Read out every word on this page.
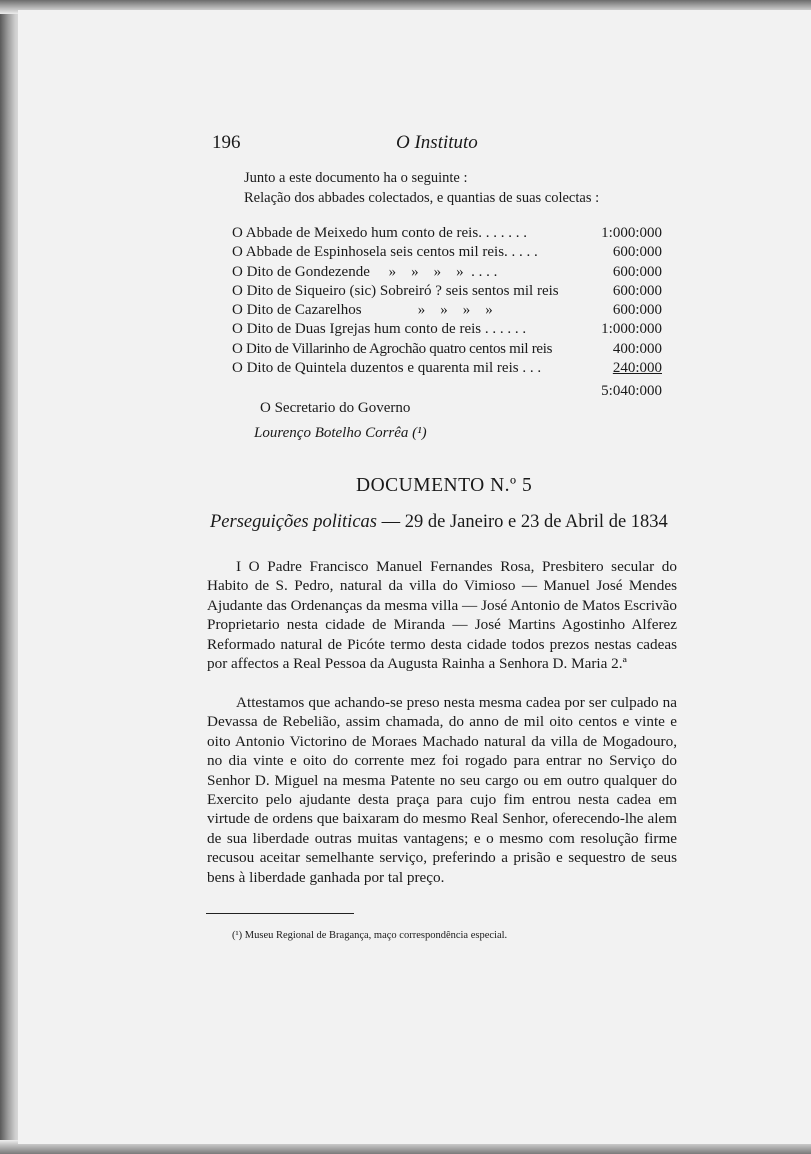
196	O Instituto
Junto a este documento ha o seguinte :
Relação dos abbades colectados, e quantias de suas colectas :
O Abbade de Meixedo hum conto de reis. . . . . . .	1:000:000
O Abbade de Espinhosela seis centos mil reis. . . . .	600:000
O Dito de Gondezende     »    »    »    »  . . . .	600:000
O Dito de Siqueiro (sic) Sobreiró ? seis sentos mil reis	600:000
O Dito de Cazarelhos               »    »    »    »	600:000
O Dito de Duas Igrejas hum conto de reis . . . . . .	1:000:000
O Dito de Villarinho de Agrochão quatro centos mil reis	400:000
O Dito de Quintela duzentos e quarenta mil reis . . .	240:000
5:040:000
O Secretario do Governo
Lourenço Botelho Corrêa (¹)
DOCUMENTO N.º 5
Perseguições politicas — 29 de Janeiro e 23 de Abril de 1834
I O Padre Francisco Manuel Fernandes Rosa, Presbitero secular do Habito de S. Pedro, natural da villa do Vimioso — Manuel José Mendes Ajudante das Ordenanças da mesma villa — José Antonio de Matos Escrivão Proprietario nesta cidade de Miranda — José Martins Agostinho Alferez Reformado natural de Picóte termo desta cidade todos prezos nestas cadeas por affectos a Real Pessoa da Augusta Rainha a Senhora D. Maria 2.ª
Attestamos que achando-se preso nesta mesma cadea por ser culpado na Devassa de Rebelião, assim chamada, do anno de mil oito centos e vinte e oito Antonio Victorino de Moraes Machado natural da villa de Mogadouro, no dia vinte e oito do corrente mez foi rogado para entrar no Serviço do Senhor D. Miguel na mesma Patente no seu cargo ou em outro qualquer do Exercito pelo ajudante desta praça para cujo fim entrou nesta cadea em virtude de ordens que baixaram do mesmo Real Senhor, oferecendo-lhe alem de sua liberdade outras muitas vantagens; e o mesmo com resolução firme recusou aceitar semelhante serviço, preferindo a prisão e sequestro de seus bens à liberdade ganhada por tal preço.
(¹) Museu Regional de Bragança, maço correspondência especial.
